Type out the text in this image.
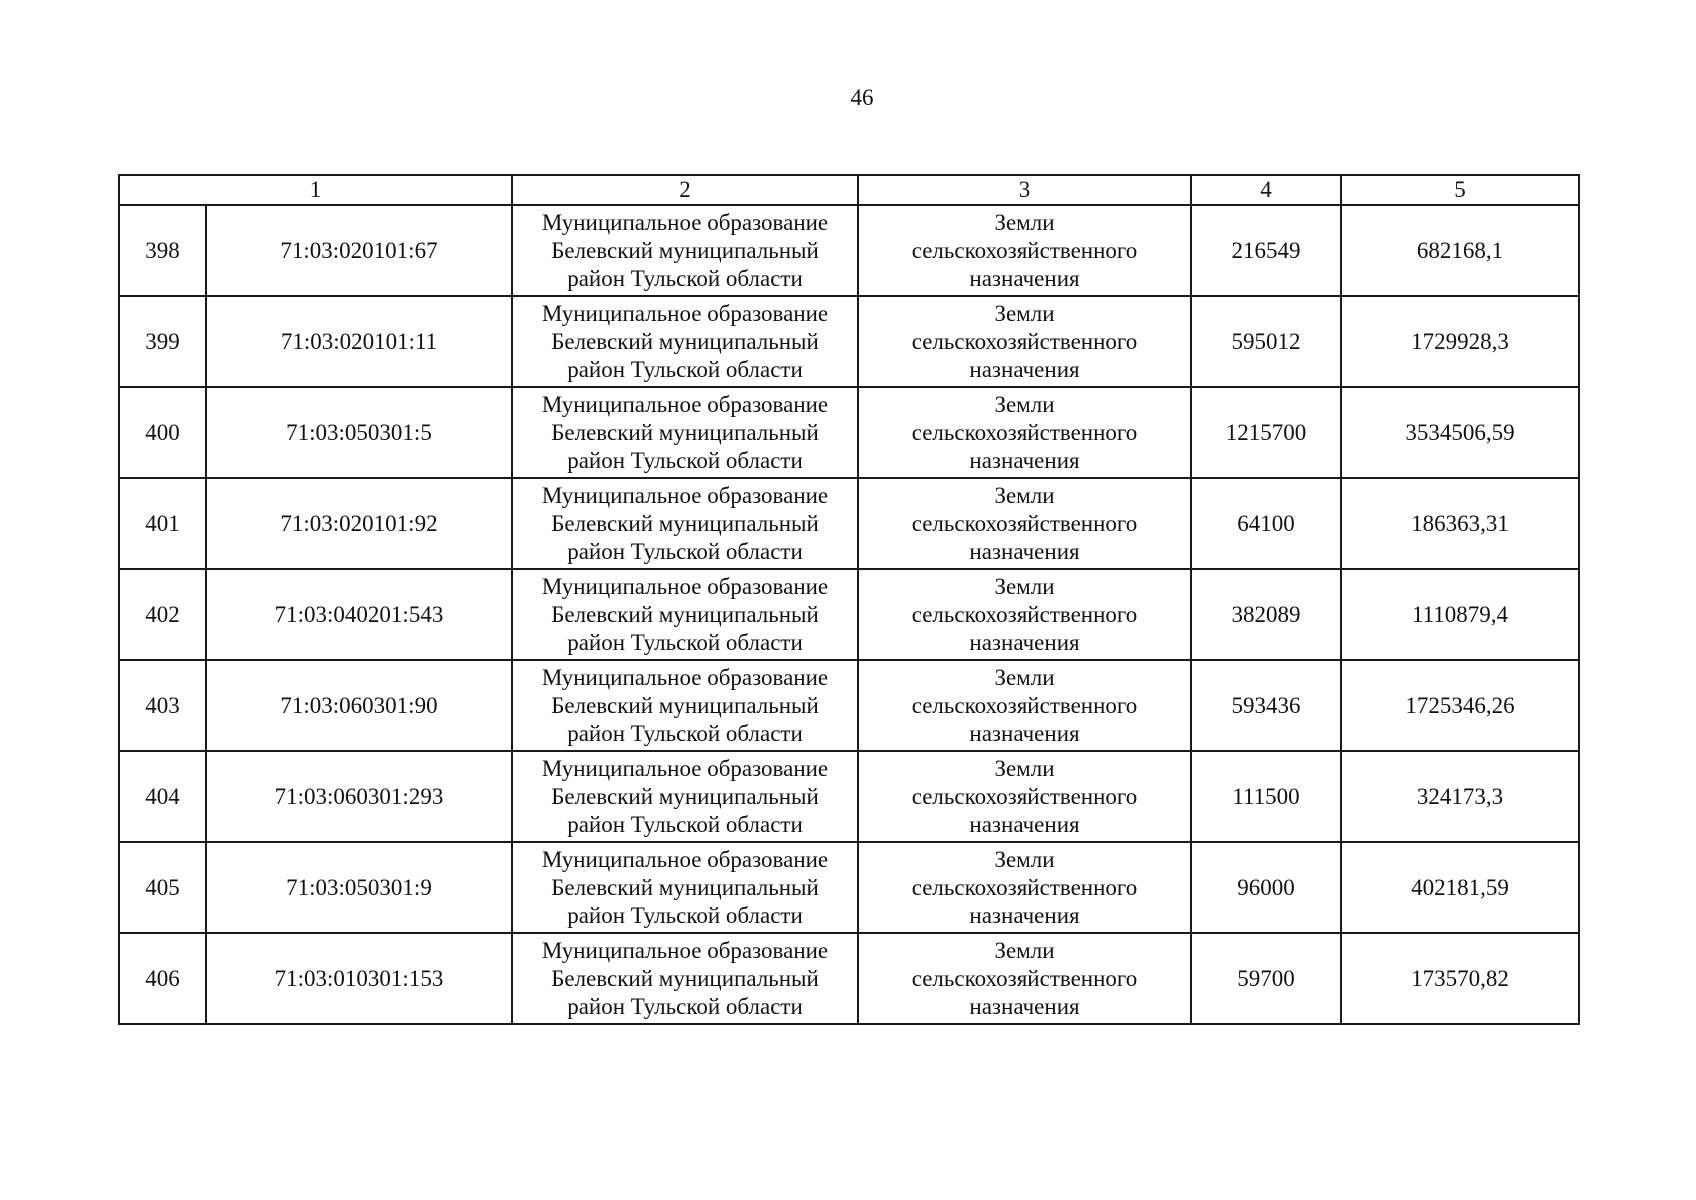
46
1		2	3	4	5
398	71:03:020101:67	Муниципальное образование
Белевский муниципальный
район Тульской области	Земли
сельскохозяйственного
назначения	216549	682168,1
399	71:03:020101:11	Муниципальное образование
Белевский муниципальный
район Тульской области	Земли
сельскохозяйственного
назначения	595012	1729928,3
400	71:03:050301:5	Муниципальное образование
Белевский муниципальный
район Тульской области	Земли
сельскохозяйственного
назначения	1215700	3534506,59
401	71:03:020101:92	Муниципальное образование
Белевский муниципальный
район Тульской области	Земли
сельскохозяйственного
назначения	64100	186363,31
402	71:03:040201:543	Муниципальное образование
Белевский муниципальный
район Тульской области	Земли
сельскохозяйственного
назначения	382089	1110879,4
403	71:03:060301:90	Муниципальное образование
Белевский муниципальный
район Тульской области	Земли
сельскохозяйственного
назначения	593436	1725346,26
404	71:03:060301:293	Муниципальное образование
Белевский муниципальный
район Тульской области	Земли
сельскохозяйственного
назначения	111500	324173,3
405	71:03:050301:9	Муниципальное образование
Белевский муниципальный
район Тульской области	Земли
сельскохозяйственного
назначения	96000	402181,59
406	71:03:010301:153	Муниципальное образование
Белевский муниципальный
район Тульской области	Земли
сельскохозяйственного
назначения	59700	173570,82
